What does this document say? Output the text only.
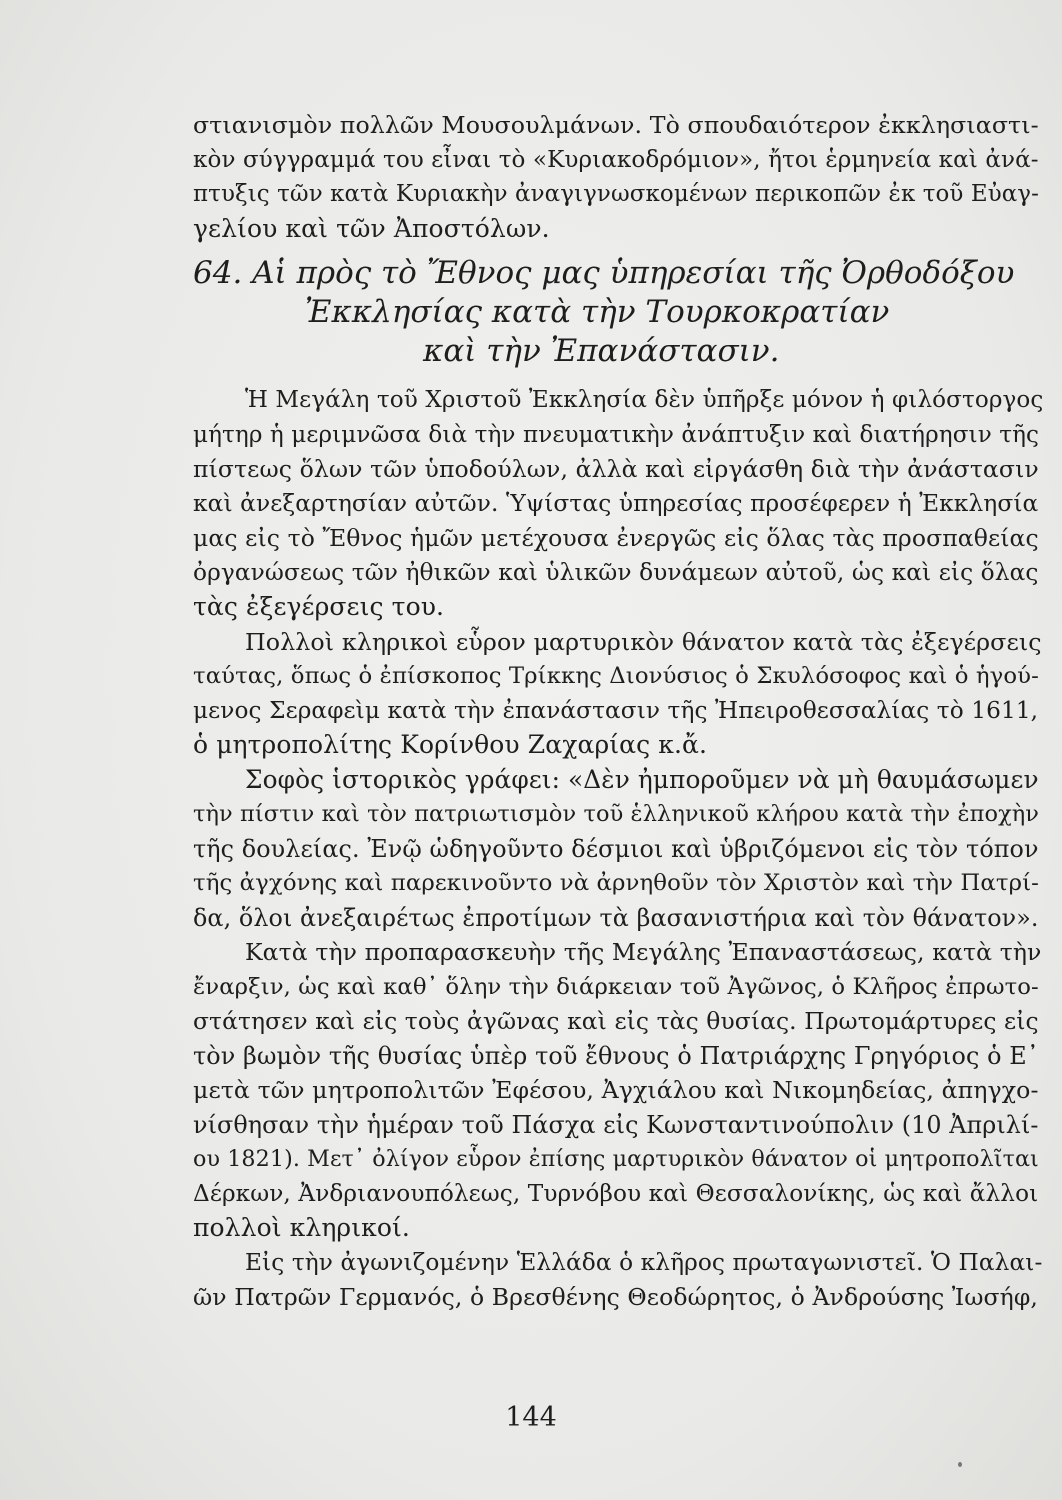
στιανισμὸν πολλῶν Μουσουλμάνων. Τὸ σπουδαιότερον ἐκκλησιαστι-
κὸν σύγγραμμά του εἶναι τὸ «Κυριακοδρόμιον», ἤτοι ἑρμηνεία καὶ ἀνά-
πτυξις τῶν κατὰ Κυριακὴν ἀναγιγνωσκομένων περικοπῶν ἐκ τοῦ Εὐαγ-
γελίου καὶ τῶν Ἀποστόλων.
64. Αἱ πρὸς τὸ Ἔθνος μας ὑπηρεσίαι τῆς Ὀρθοδόξου
Ἐκκλησίας κατὰ τὴν Τουρκοκρατίαν
καὶ τὴν Ἐπανάστασιν.
Ἡ Μεγάλη τοῦ Χριστοῦ Ἐκκλησία δὲν ὑπῆρξε μόνον ἡ φιλόστοργος
μήτηρ ἡ μεριμνῶσα διὰ τὴν πνευματικὴν ἀνάπτυξιν καὶ διατήρησιν τῆς
πίστεως ὅλων τῶν ὑποδούλων, ἀλλὰ καὶ εἰργάσθη διὰ τὴν ἀνάστασιν
καὶ ἀνεξαρτησίαν αὐτῶν. Ὑψίστας ὑπηρεσίας προσέφερεν ἡ Ἐκκλησία
μας εἰς τὸ Ἔθνος ἡμῶν μετέχουσα ἐνεργῶς εἰς ὅλας τὰς προσπαθείας
ὀργανώσεως τῶν ἠθικῶν καὶ ὑλικῶν δυνάμεων αὐτοῦ, ὡς καὶ εἰς ὅλας
τὰς ἐξεγέρσεις του.
Πολλοὶ κληρικοὶ εὗρον μαρτυρικὸν θάνατον κατὰ τὰς ἐξεγέρσεις
ταύτας, ὅπως ὁ ἐπίσκοπος Τρίκκης Διονύσιος ὁ Σκυλόσοφος καὶ ὁ ἡγού-
μενος Σεραφεὶμ κατὰ τὴν ἐπανάστασιν τῆς Ἠπειροθεσσαλίας τὸ 1611,
ὁ μητροπολίτης Κορίνθου Ζαχαρίας κ.ἄ.
Σοφὸς ἱστορικὸς γράφει: «Δὲν ἠμποροῦμεν νὰ μὴ θαυμάσωμεν
τὴν πίστιν καὶ τὸν πατριωτισμὸν τοῦ ἑλληνικοῦ κλήρου κατὰ τὴν ἐποχὴν
τῆς δουλείας. Ἐνῷ ὡδηγοῦντο δέσμιοι καὶ ὑβριζόμενοι εἰς τὸν τόπον
τῆς ἀγχόνης καὶ παρεκινοῦντο νὰ ἀρνηθοῦν τὸν Χριστὸν καὶ τὴν Πατρί-
δα, ὅλοι ἀνεξαιρέτως ἐπροτίμων τὰ βασανιστήρια καὶ τὸν θάνατον».
Κατὰ τὴν προπαρασκευὴν τῆς Μεγάλης Ἐπαναστάσεως, κατὰ τὴν
ἔναρξιν, ὡς καὶ καθ᾽ ὅλην τὴν διάρκειαν τοῦ Ἀγῶνος, ὁ Κλῆρος ἐπρωτο-
στάτησεν καὶ εἰς τοὺς ἀγῶνας καὶ εἰς τὰς θυσίας. Πρωτομάρτυρες εἰς
τὸν βωμὸν τῆς θυσίας ὑπὲρ τοῦ ἔθνους ὁ Πατριάρχης Γρηγόριος ὁ Ε᾽
μετὰ τῶν μητροπολιτῶν Ἐφέσου, Ἀγχιάλου καὶ Νικομηδείας, ἀπηγχο-
νίσθησαν τὴν ἡμέραν τοῦ Πάσχα εἰς Κωνσταντινούπολιν (10 Ἀπριλί-
ου 1821). Μετ᾽ ὀλίγον εὗρον ἐπίσης μαρτυρικὸν θάνατον οἱ μητροπολῖται
Δέρκων, Ἀνδριανουπόλεως, Τυρνόβου καὶ Θεσσαλονίκης, ὡς καὶ ἄλλοι
πολλοὶ κληρικοί.
Εἰς τὴν ἀγωνιζομένην Ἑλλάδα ὁ κλῆρος πρωταγωνιστεῖ. Ὁ Παλαι-
ῶν Πατρῶν Γερμανός, ὁ Βρεσθένης Θεοδώρητος, ὁ Ἀνδρούσης Ἰωσήφ,
144
